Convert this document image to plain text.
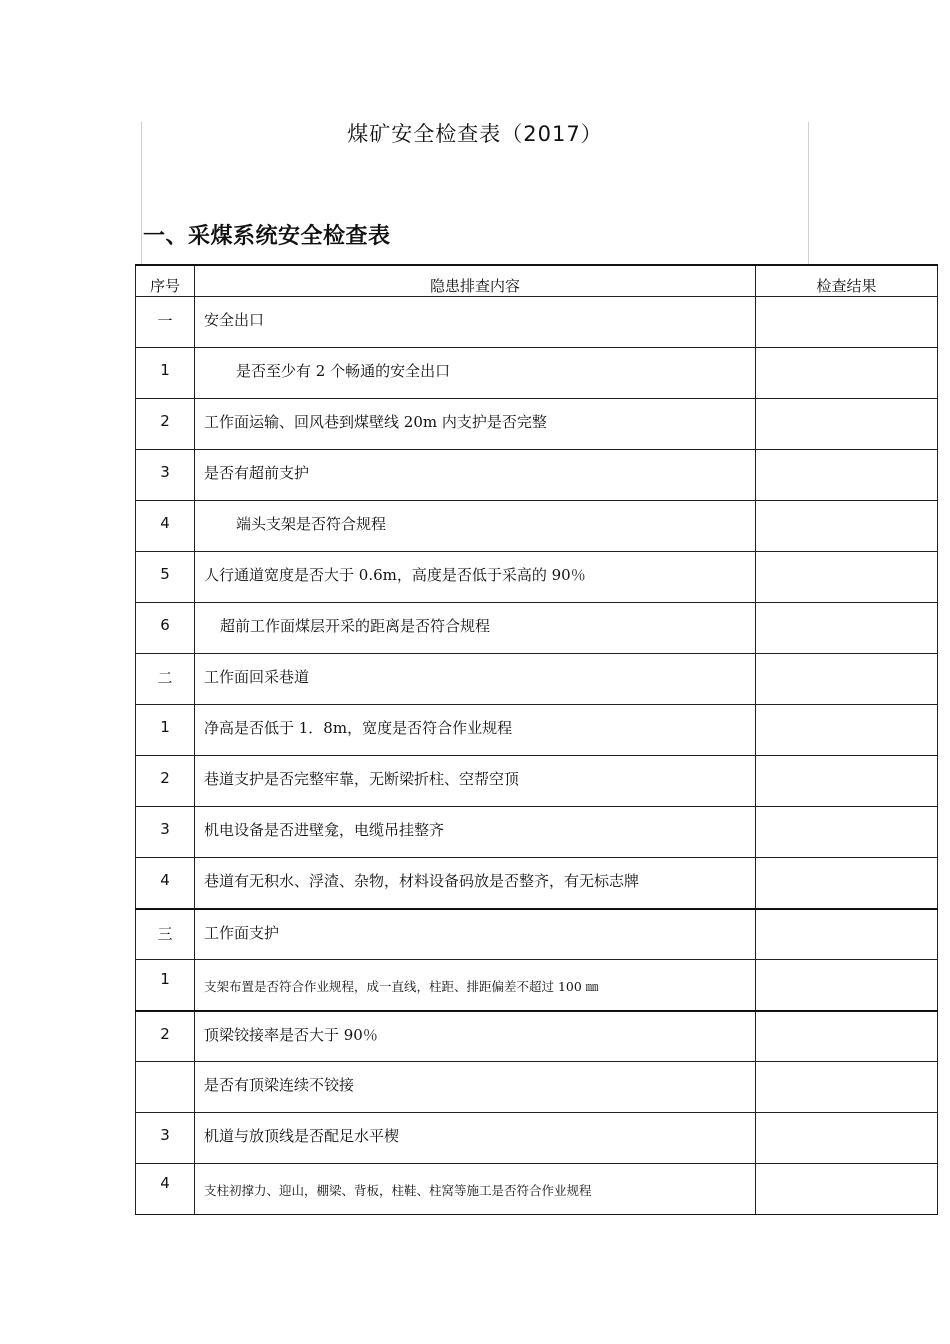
煤矿安全检查表（2017）
一、采煤系统安全检查表
序号	隐患排查内容	检查结果
一	安全出口	
1	是否至少有 2 个畅通的安全出口	
2	工作面运输、回风巷到煤壁线 20m 内支护是否完整	
3	是否有超前支护	
4	端头支架是否符合规程	
5	人行通道宽度是否大于 0.6m，高度是否低于采高的 90％	
6	超前工作面煤层开采的距离是否符合规程	
二	工作面回采巷道	
1	净高是否低于 1．8m，宽度是否符合作业规程	
2	巷道支护是否完整牢靠，无断梁折柱、空帮空顶	
3	机电设备是否进壁龛，电缆吊挂整齐	
4	巷道有无积水、浮渣、杂物，材料设备码放是否整齐，有无标志牌	
三	工作面支护	
1	支架布置是否符合作业规程，成一直线，柱距、排距偏差不超过 100 ㎜	
2	顶梁铰接率是否大于 90％	
	是否有顶梁连续不铰接	
3	机道与放顶线是否配足水平楔	
4	支柱初撑力、迎山，棚梁、背板，柱鞋、柱窝等施工是否符合作业规程	
